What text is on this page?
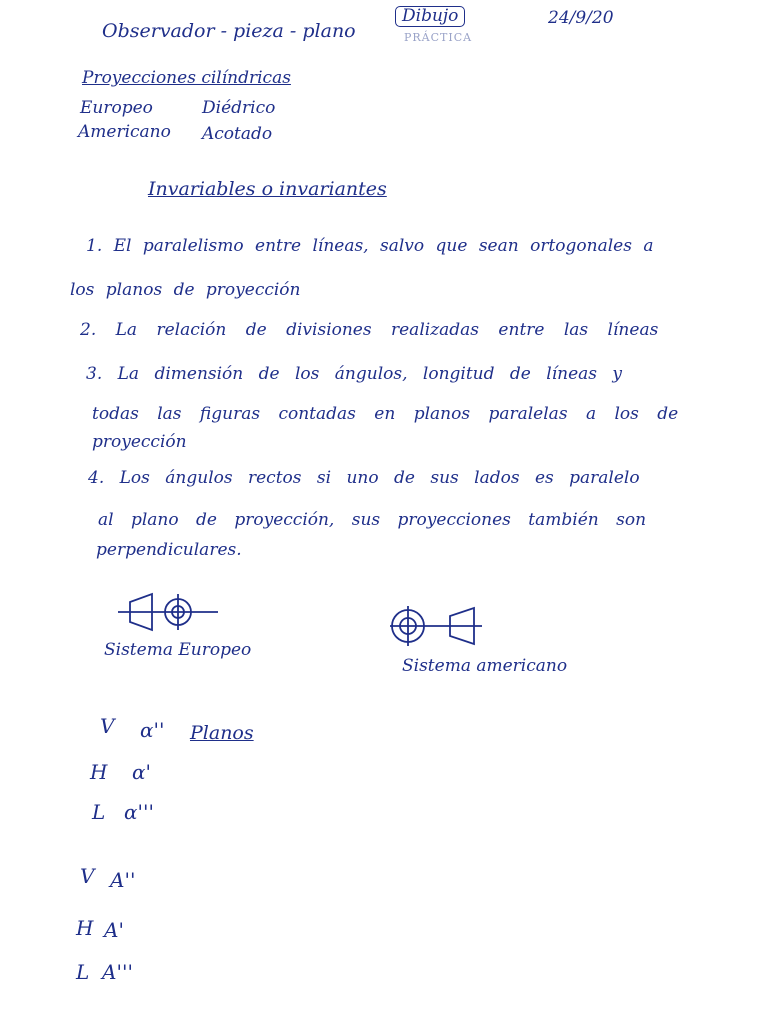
Observador - pieza - plano
Dibujo
PRÁCTICA
24/9/20
Proyecciones cilíndricas
Europeo	Diédrico
Americano Acotado
Invariables o invariantes
1. El paralelismo entre líneas, salvo que sean ortogonales a
los planos de proyección
2. La relación de divisiones realizadas entre las líneas
3. La dimensión de los ángulos, longitud de líneas y
todas las figuras contadas en planos paralelas a los de
proyección
4. Los ángulos rectos si uno de sus lados es paralelo
al plano de proyección, sus proyecciones también son
perpendiculares.
Sistema Europeo
Sistema americano
V α'' Planos
H α'
L α'''
V A''
H A'
L A'''
